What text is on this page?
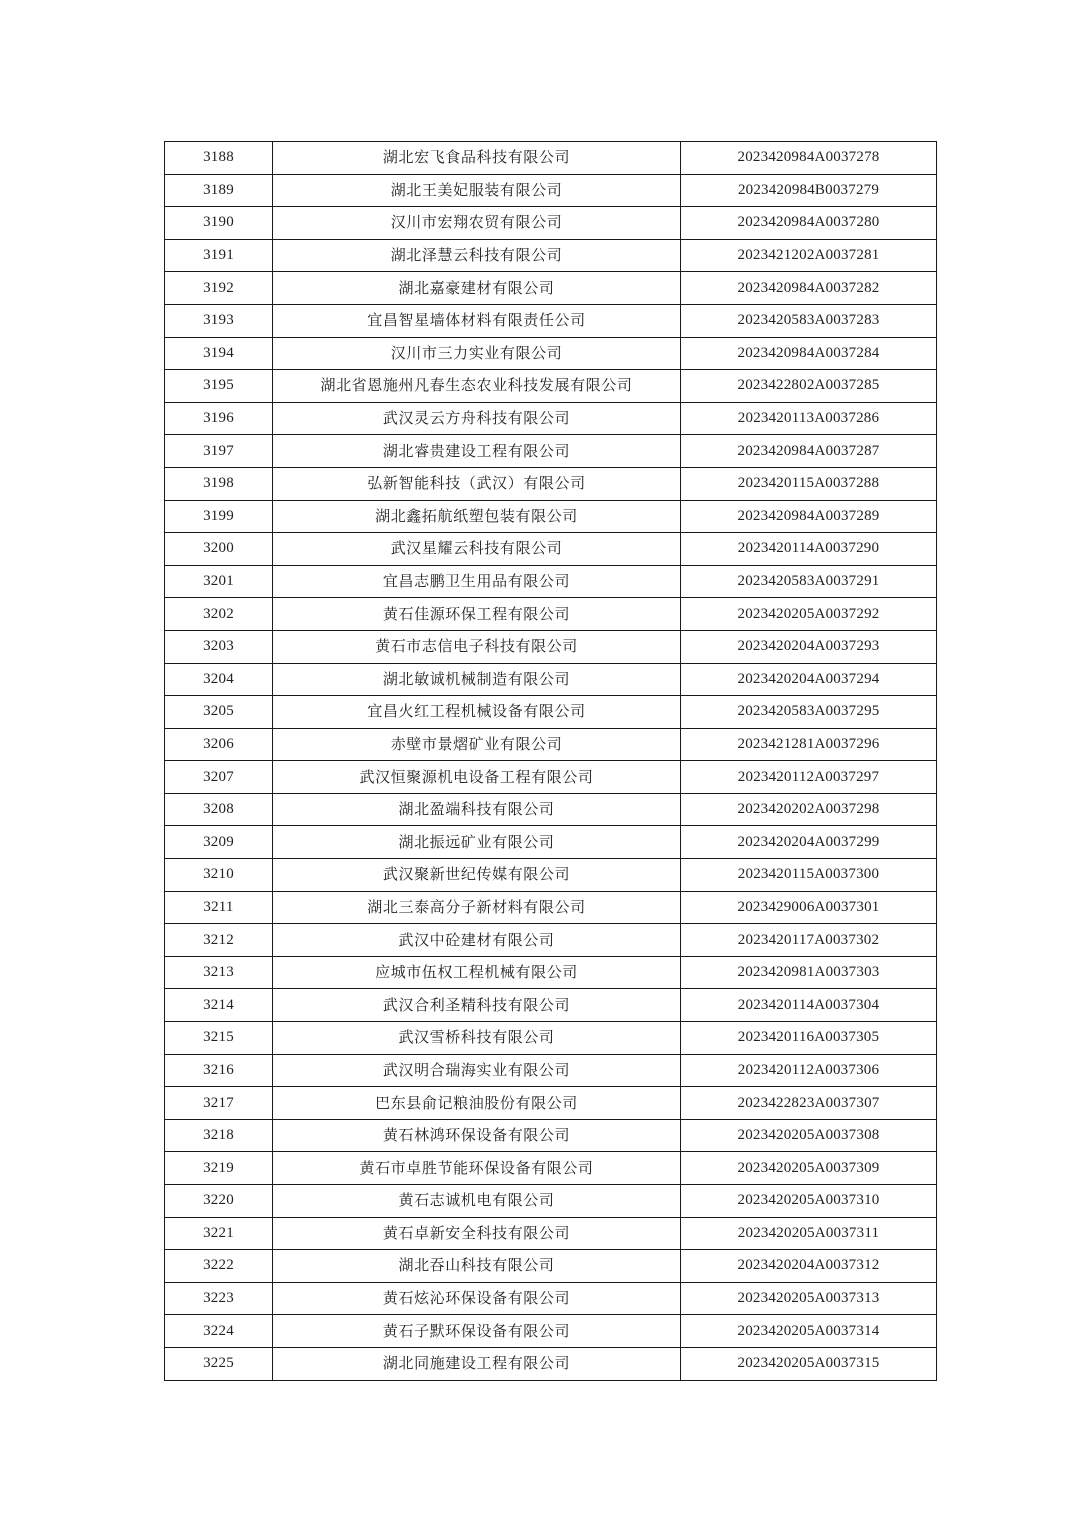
3188	湖北宏飞食品科技有限公司	2023420984A0037278
3189	湖北王美妃服装有限公司	2023420984B0037279
3190	汉川市宏翔农贸有限公司	2023420984A0037280
3191	湖北泽慧云科技有限公司	2023421202A0037281
3192	湖北嘉豪建材有限公司	2023420984A0037282
3193	宜昌智星墙体材料有限责任公司	2023420583A0037283
3194	汉川市三力实业有限公司	2023420984A0037284
3195	湖北省恩施州凡春生态农业科技发展有限公司	2023422802A0037285
3196	武汉灵云方舟科技有限公司	2023420113A0037286
3197	湖北睿贵建设工程有限公司	2023420984A0037287
3198	弘新智能科技（武汉）有限公司	2023420115A0037288
3199	湖北鑫拓航纸塑包装有限公司	2023420984A0037289
3200	武汉星耀云科技有限公司	2023420114A0037290
3201	宜昌志鹏卫生用品有限公司	2023420583A0037291
3202	黄石佳源环保工程有限公司	2023420205A0037292
3203	黄石市志信电子科技有限公司	2023420204A0037293
3204	湖北敏诚机械制造有限公司	2023420204A0037294
3205	宜昌火红工程机械设备有限公司	2023420583A0037295
3206	赤壁市景熠矿业有限公司	2023421281A0037296
3207	武汉恒聚源机电设备工程有限公司	2023420112A0037297
3208	湖北盈端科技有限公司	2023420202A0037298
3209	湖北振远矿业有限公司	2023420204A0037299
3210	武汉聚新世纪传媒有限公司	2023420115A0037300
3211	湖北三泰高分子新材料有限公司	2023429006A0037301
3212	武汉中砼建材有限公司	2023420117A0037302
3213	应城市伍权工程机械有限公司	2023420981A0037303
3214	武汉合利圣精科技有限公司	2023420114A0037304
3215	武汉雪桥科技有限公司	2023420116A0037305
3216	武汉明合瑞海实业有限公司	2023420112A0037306
3217	巴东县俞记粮油股份有限公司	2023422823A0037307
3218	黄石林鸿环保设备有限公司	2023420205A0037308
3219	黄石市卓胜节能环保设备有限公司	2023420205A0037309
3220	黄石志诚机电有限公司	2023420205A0037310
3221	黄石卓新安全科技有限公司	2023420205A0037311
3222	湖北吞山科技有限公司	2023420204A0037312
3223	黄石炫沁环保设备有限公司	2023420205A0037313
3224	黄石子默环保设备有限公司	2023420205A0037314
3225	湖北同施建设工程有限公司	2023420205A0037315
